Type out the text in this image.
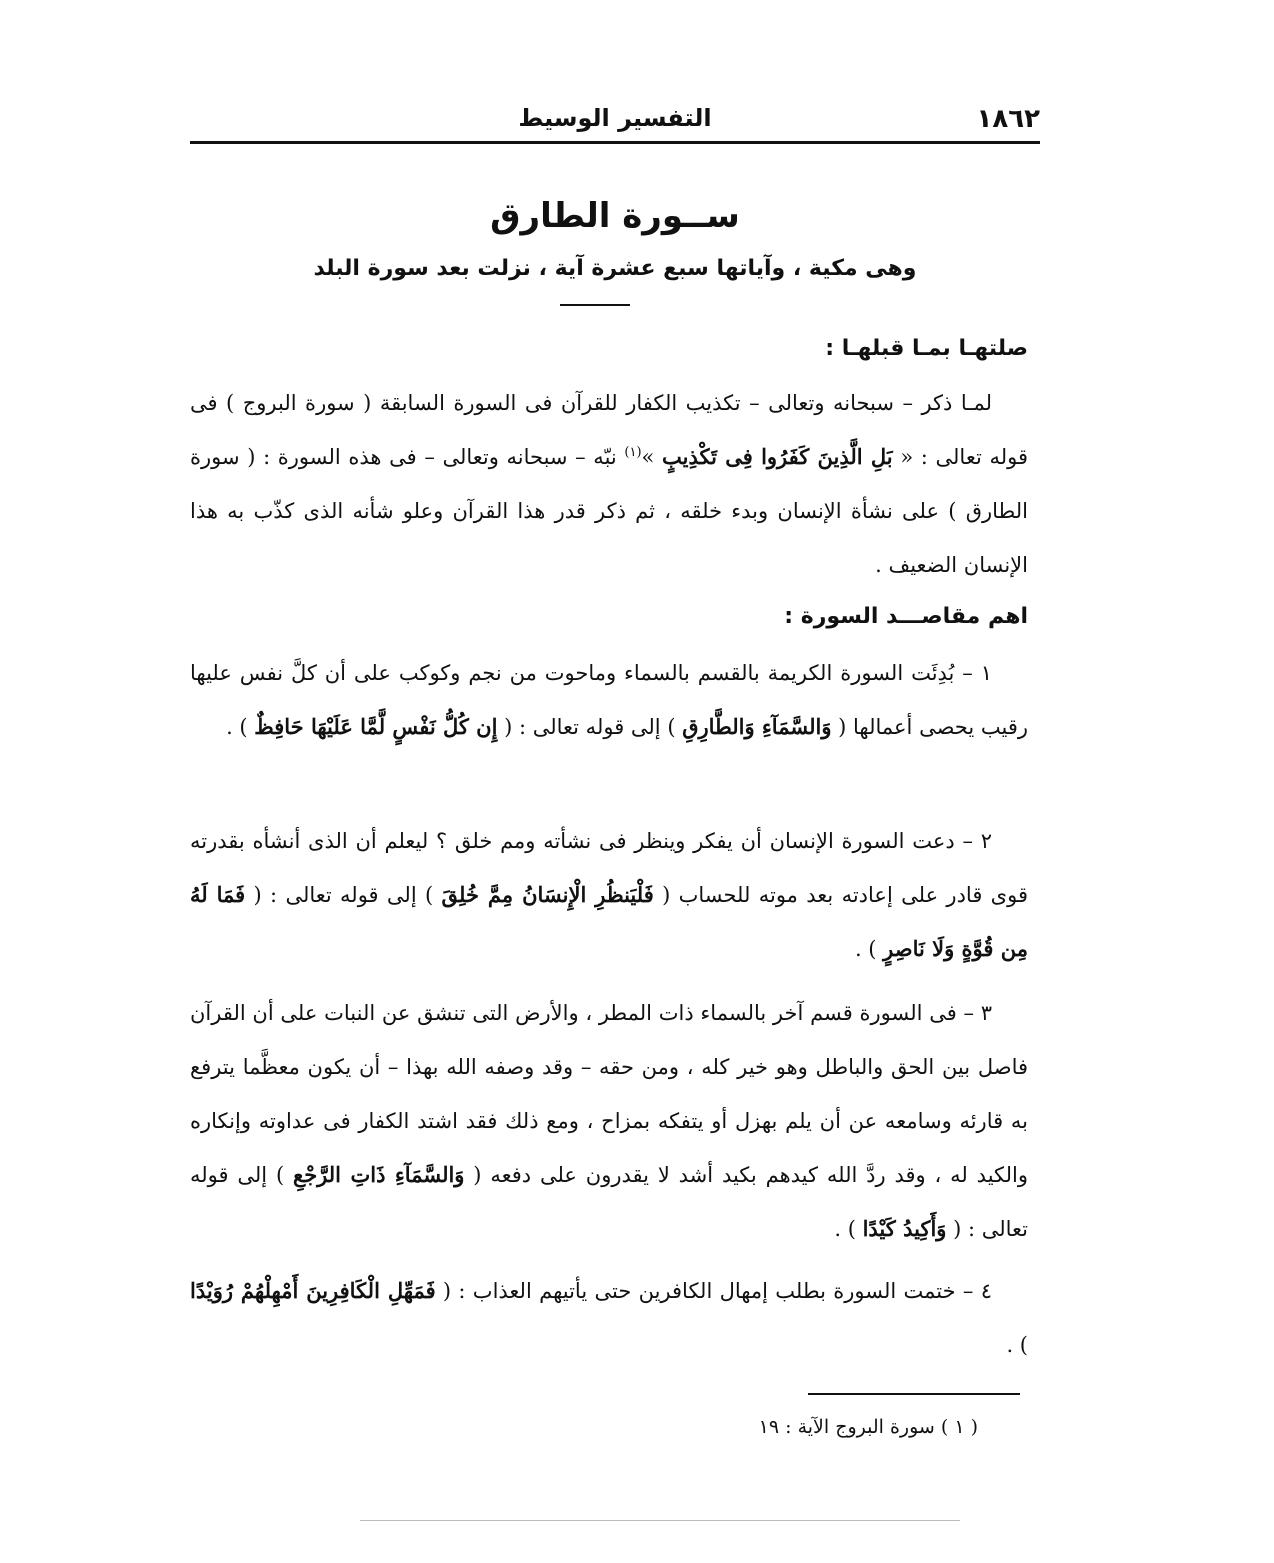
١٨٦٢
التفسير الوسيط
ســورة الطارق
وهى مكية ، وآياتها سبع عشرة آية ، نزلت بعد سورة البلد
صلتهـا بمـا قبلهـا :

لمـا ذكر – سبحانه وتعالى – تكذيب الكفار للقرآن فى السورة السابقة ( سورة البروج ) فى قوله تعالى : « بَلِ الَّذِينَ كَفَرُوا فِى تَكْذِيبٍ »$^{(١)}$ نبّه – سبحانه وتعالى – فى هذه السورة : ( سورة الطارق ) على نشأة الإنسان وبدء خلقه ، ثم ذكر قدر هذا القرآن وعلو شأنه الذى كذّب به هذا الإنسان الضعيف .

اهم مقاصـــد السورة :

١ – بُدِئَت السورة الكريمة بالقسم بالسماء وماحوت من نجم وكوكب على أن كلَّ نفس عليها رقيب يحصى أعمالها ( وَالسَّمَآءِ وَالطَّارِقِ ) إلى قوله تعالى : ( إِن كُلُّ نَفْسٍ لَّمَّا عَلَيْهَا حَافِظٌ ) .

٢ – دعت السورة الإنسان أن يفكر وينظر فى نشأته ومم خلق ؟ ليعلم أن الذى أنشأه بقدرته قوى قادر على إعادته بعد موته للحساب ( فَلْيَنظُرِ الْإِنسَانُ مِمَّ خُلِقَ ) إلى قوله تعالى : ( فَمَا لَهُ مِن قُوَّةٍ وَلَا نَاصِرٍ ) .

٣ – فى السورة قسم آخر بالسماء ذات المطر ، والأرض التى تنشق عن النبات على أن القرآن فاصل بين الحق والباطل وهو خير كله ، ومن حقه – وقد وصفه الله بهذا – أن يكون معظَّما يترفع به قارئه وسامعه عن أن يلم بهزل أو يتفكه بمزاح ، ومع ذلك فقد اشتد الكفار فى عداوته وإنكاره والكيد له ، وقد ردَّ الله كيدهم بكيد أشد لا يقدرون على دفعه ( وَالسَّمَآءِ ذَاتِ الرَّجْعِ ) إلى قوله تعالى : ( وَأَكِيدُ كَيْدًا ) .

٤ – ختمت السورة بطلب إمهال الكافرين حتى يأتيهم العذاب : ( فَمَهِّلِ الْكَافِرِينَ أَمْهِلْهُمْ رُوَيْدًا ) .

( ١ ) سورة البروج الآية : ١٩
